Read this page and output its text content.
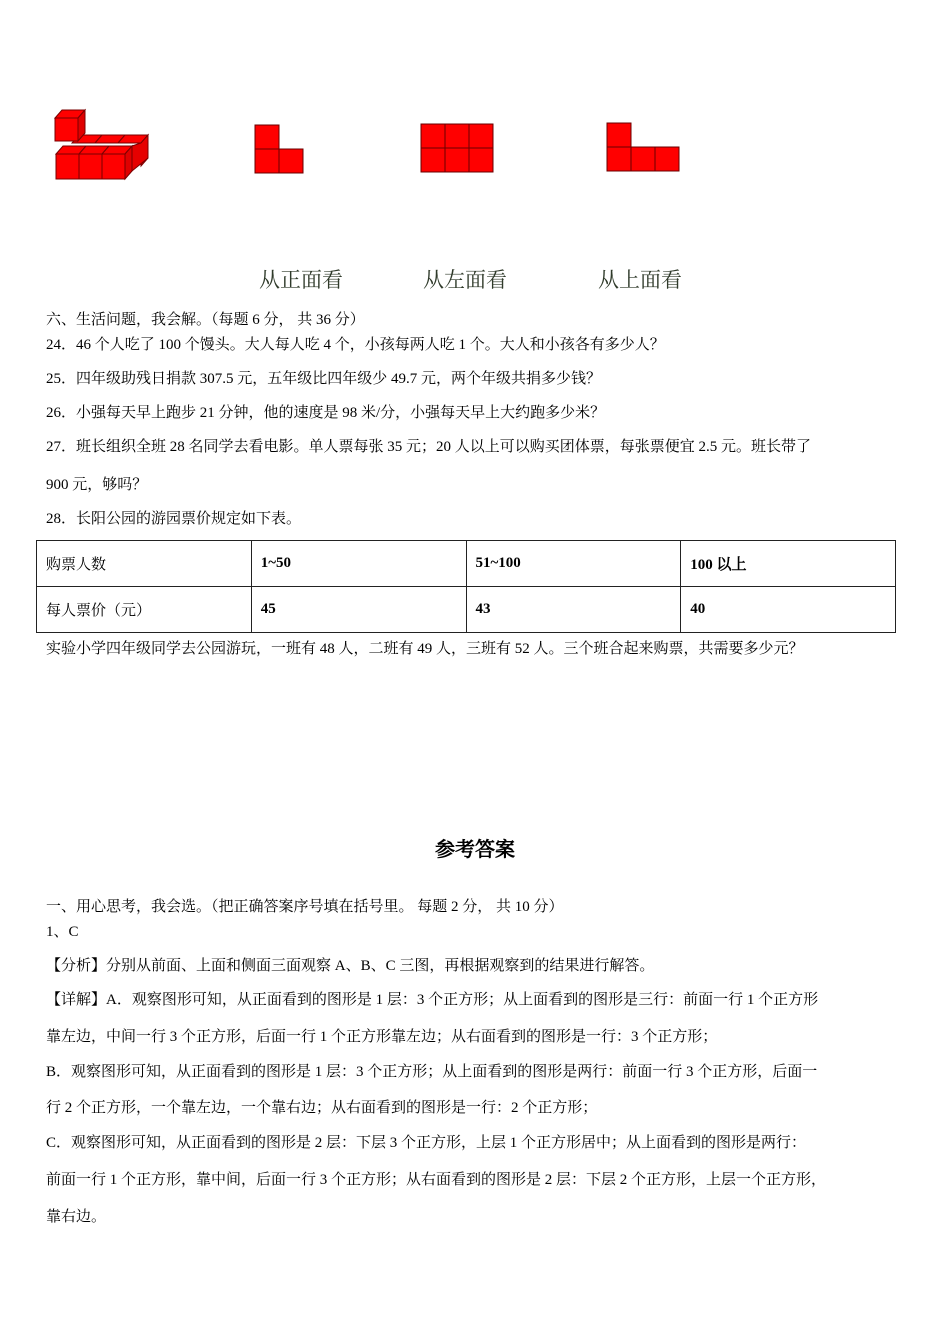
从正面看	从左面看	从上面看
六、生活问题，我会解。（每题 6 分， 共 36 分）
24．46 个人吃了 100 个馒头。大人每人吃 4 个，小孩每两人吃 1 个。大人和小孩各有多少人？
25．四年级助残日捐款 307.5 元，五年级比四年级少 49.7 元，两个年级共捐多少钱？
26．小强每天早上跑步 21 分钟，他的速度是 98 米/分，小强每天早上大约跑多少米？
27．班长组织全班 28 名同学去看电影。单人票每张 35 元；20 人以上可以购买团体票，每张票便宜 2.5 元。班长带了
900 元，够吗？
28．长阳公园的游园票价规定如下表。
购票人数	1~50	51~100	100 以上
每人票价（元）	45	43	40
实验小学四年级同学去公园游玩，一班有 48 人，二班有 49 人，三班有 52 人。三个班合起来购票，共需要多少元？
参考答案
一、用心思考，我会选。（把正确答案序号填在括号里。 每题 2 分， 共 10 分）
1、C
【分析】分别从前面、上面和侧面三面观察 A、B、C 三图，再根据观察到的结果进行解答。
【详解】A．观察图形可知，从正面看到的图形是 1 层：3 个正方形；从上面看到的图形是三行：前面一行 1 个正方形
靠左边，中间一行 3 个正方形，后面一行 1 个正方形靠左边；从右面看到的图形是一行：3 个正方形；
B．观察图形可知，从正面看到的图形是 1 层：3 个正方形；从上面看到的图形是两行：前面一行 3 个正方形，后面一
行 2 个正方形，一个靠左边，一个靠右边；从右面看到的图形是一行：2 个正方形；
C．观察图形可知，从正面看到的图形是 2 层：下层 3 个正方形，上层 1 个正方形居中；从上面看到的图形是两行：
前面一行 1 个正方形，靠中间，后面一行 3 个正方形；从右面看到的图形是 2 层：下层 2 个正方形，上层一个正方形，
靠右边。
